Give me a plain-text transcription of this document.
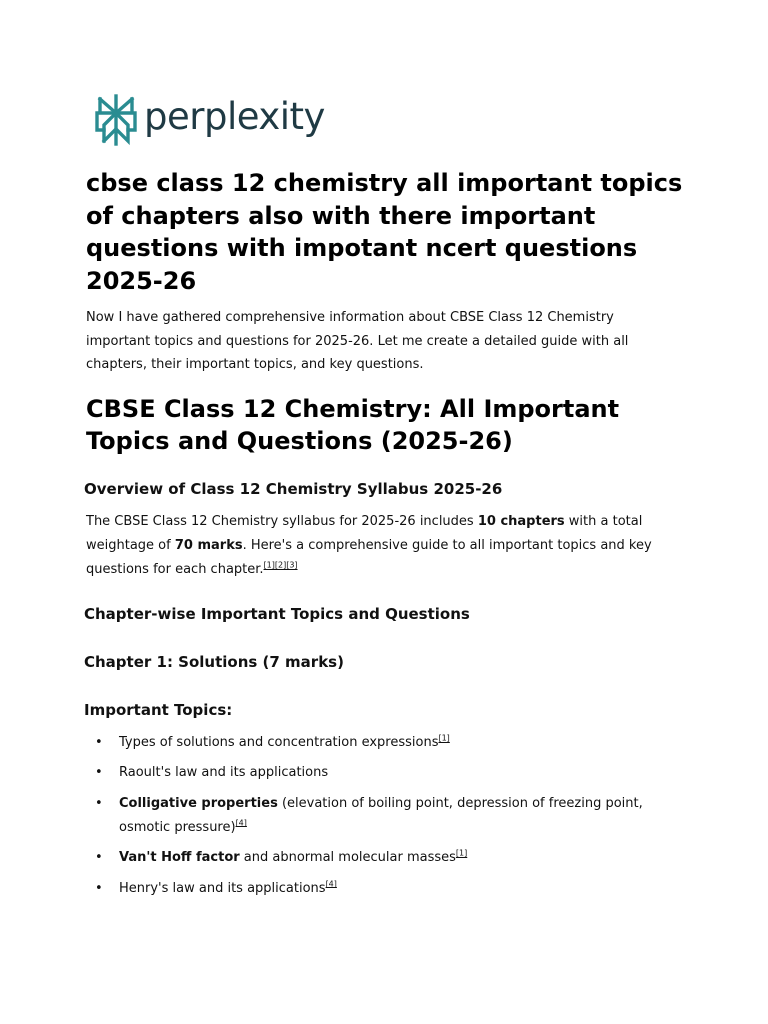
perplexity
cbse class 12 chemistry all important topics of chapters also with there important questions with impotant ncert questions 2025-26

Now I have gathered comprehensive information about CBSE Class 12 Chemistry important topics and questions for 2025-26. Let me create a detailed guide with all chapters, their important topics, and key questions.

CBSE Class 12 Chemistry: All Important Topics and Questions (2025-26)
Overview of Class 12 Chemistry Syllabus 2025-26

The CBSE Class 12 Chemistry syllabus for 2025-26 includes 10 chapters with a total weightage of 70 marks. Here's a comprehensive guide to all important topics and key questions for each chapter.[1][2][3]

Chapter-wise Important Topics and Questions
Chapter 1: Solutions (7 marks)
Important Topics:
• Types of solutions and concentration expressions[1]
• Raoult's law and its applications
• Colligative properties (elevation of boiling point, depression of freezing point, osmotic pressure)[4]
• Van't Hoff factor and abnormal molecular masses[1]
• Henry's law and its applications[4]
